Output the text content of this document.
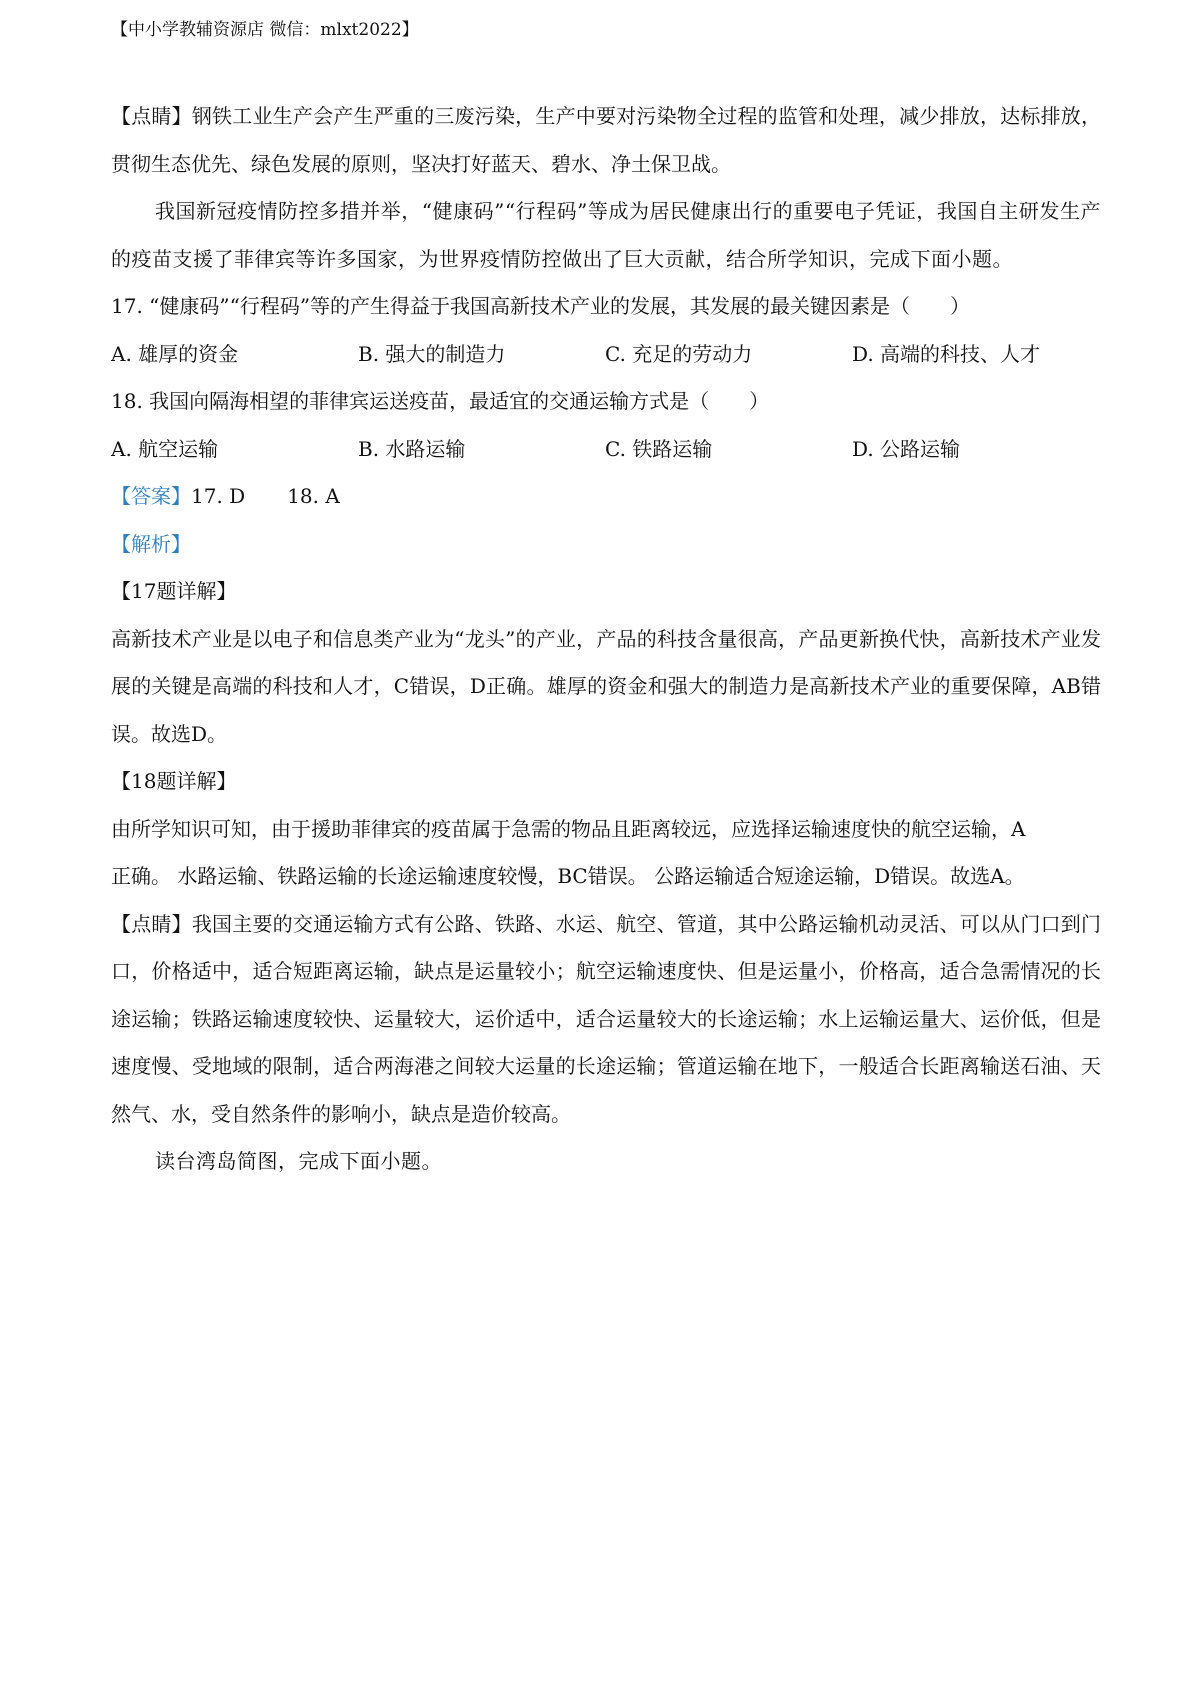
【中小学教辅资源店 微信：mlxt2022】

【点睛】钢铁工业生产会产生严重的三废污染，生产中要对污染物全过程的监管和处理，减少排放，达标排放，贯彻生态优先、绿色发展的原则，坚决打好蓝天、碧水、净土保卫战。

我国新冠疫情防控多措并举，“健康码”“行程码”等成为居民健康出行的重要电子凭证，我国自主研发生产的疫苗支援了菲律宾等许多国家，为世界疫情防控做出了巨大贡献，结合所学知识，完成下面小题。

17. “健康码”“行程码”等的产生得益于我国高新技术产业的发展，其发展的最关键因素是（　　）

A. 雄厚的资金	B. 强大的制造力	C. 充足的劳动力	D. 高端的科技、人才

18. 我国向隔海相望的菲律宾运送疫苗，最适宜的交通运输方式是（　　）

A. 航空运输	B. 水路运输	C. 铁路运输	D. 公路运输

【答案】17. D 18. A

【解析】

【17题详解】

高新技术产业是以电子和信息类产业为“龙头”的产业，产品的科技含量很高，产品更新换代快，高新技术产业发展的关键是高端的科技和人才，C错误，D正确。雄厚的资金和强大的制造力是高新技术产业的重要保障，AB错误。故选D。

【18题详解】

由所学知识可知，由于援助菲律宾的疫苗属于急需的物品且距离较远，应选择运输速度快的航空运输，A

正确。 水路运输、铁路运输的长途运输速度较慢，BC错误。 公路运输适合短途运输，D错误。故选A。

【点睛】我国主要的交通运输方式有公路、铁路、水运、航空、管道，其中公路运输机动灵活、可以从门口到门口，价格适中，适合短距离运输，缺点是运量较小；航空运输速度快、但是运量小，价格高，适合急需情况的长途运输；铁路运输速度较快、运量较大，运价适中，适合运量较大的长途运输；水上运输运量大、运价低，但是速度慢、受地域的限制，适合两海港之间较大运量的长途运输；管道运输在地下，一般适合长距离输送石油、天然气、水，受自然条件的影响小，缺点是造价较高。

读台湾岛简图，完成下面小题。
